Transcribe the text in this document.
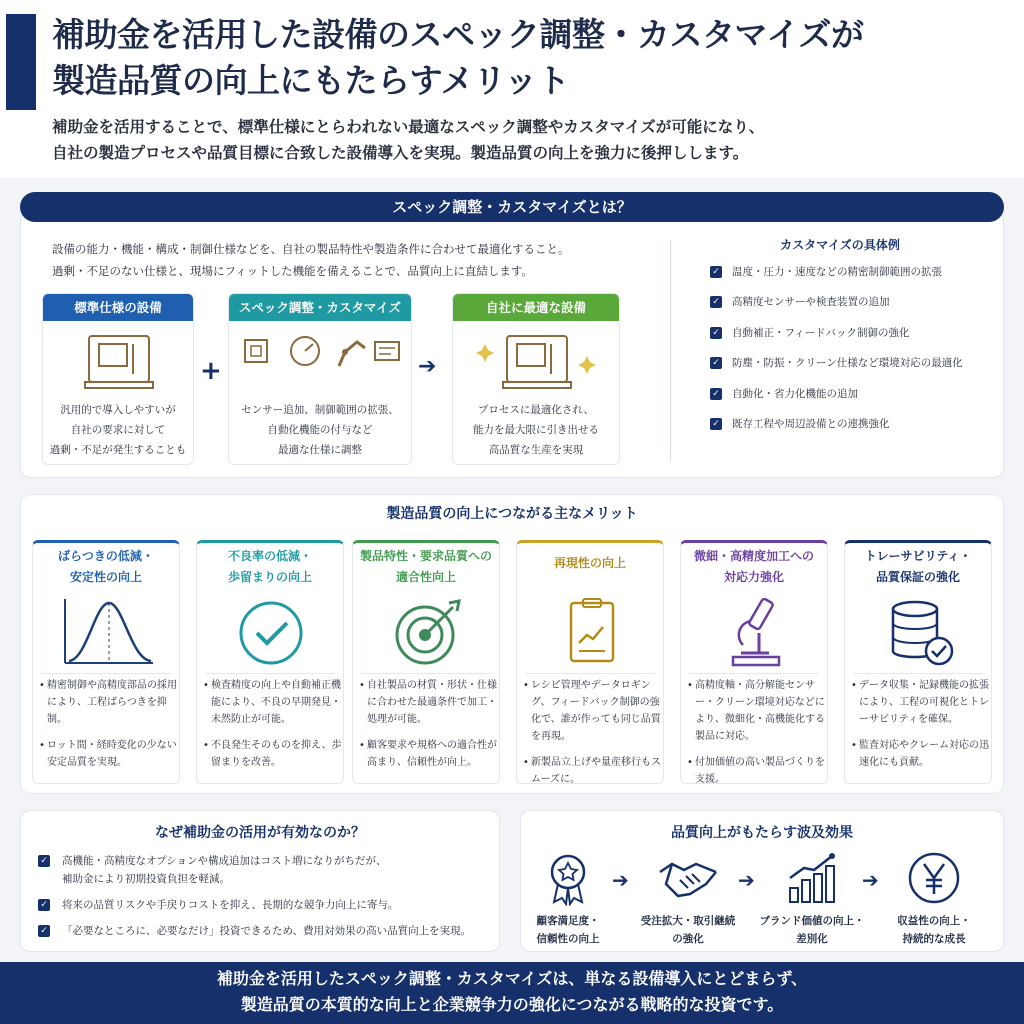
補助金を活用した設備のスペック調整・カスタマイズが
製造品質の向上にもたらすメリット
補助金を活用することで、標準仕様にとらわれない最適なスペック調整やカスタマイズが可能になり、
自社の製造プロセスや品質目標に合致した設備導入を実現。製造品質の向上を強力に後押しします。
スペック調整・カスタマイズとは？
設備の能力・機能・構成・制御仕様などを、自社の製品特性や製造条件に合わせて最適化すること。
過剰・不足のない仕様と、現場にフィットした機能を備えることで、品質向上に直結します。
標準仕様の設備
汎用的で導入しやすいが
自社の要求に対して
過剰・不足が発生することも
+
スペック調整・カスタマイズ
センサー追加、制御範囲の拡張、
自動化機能の付与など
最適な仕様に調整
➔
自社に最適な設備
プロセスに最適化され、
能力を最大限に引き出せる
高品質な生産を実現
カスタマイズの具体例
✓ 温度・圧力・速度などの精密制御範囲の拡張
✓ 高精度センサーや検査装置の追加
✓ 自動補正・フィードバック制御の強化
✓ 防塵・防振・クリーン仕様など環境対応の最適化
✓ 自動化・省力化機能の追加
✓ 既存工程や周辺設備との連携強化
製造品質の向上につながる主なメリット
ばらつきの低減・
安定性の向上
• 精密制御や高精度部品の採用により、工程ばらつきを抑制。
• ロット間・経時変化の少ない安定品質を実現。
不良率の低減・
歩留まりの向上
• 検査精度の向上や自動補正機能により、不良の早期発見・未然防止が可能。
• 不良発生そのものを抑え、歩留まりを改善。
製品特性・要求品質への
適合性向上
• 自社製品の材質・形状・仕様に合わせた最適条件で加工・処理が可能。
• 顧客要求や規格への適合性が高まり、信頼性が向上。
再現性の向上
• レシピ管理やデータロギング、フィードバック制御の強化で、誰が作っても同じ品質を再現。
• 新製品立上げや量産移行もスムーズに。
微細・高精度加工への
対応力強化
• 高精度軸・高分解能センサー・クリーン環境対応などにより、微細化・高機能化する製品に対応。
• 付加価値の高い製品づくりを支援。
トレーサビリティ・
品質保証の強化
• データ収集・記録機能の拡張により、工程の可視化とトレーサビリティを確保。
• 監査対応やクレーム対応の迅速化にも貢献。
なぜ補助金の活用が有効なのか？
✓	高機能・高精度なオプションや構成追加はコスト増になりがちだが、
補助金により初期投資負担を軽減。
✓	将来の品質リスクや手戻りコストを抑え、長期的な競争力向上に寄与。
✓	「必要なところに、必要なだけ」投資できるため、費用対効果の高い品質向上を実現。
品質向上がもたらす波及効果
顧客満足度・
信頼性の向上
➔
受注拡大・取引継続
の強化
➔
ブランド価値の向上・
差別化
➔
収益性の向上・
持続的な成長
補助金を活用したスペック調整・カスタマイズは、単なる設備導入にとどまらず、
製造品質の本質的な向上と企業競争力の強化につながる戦略的な投資です。
